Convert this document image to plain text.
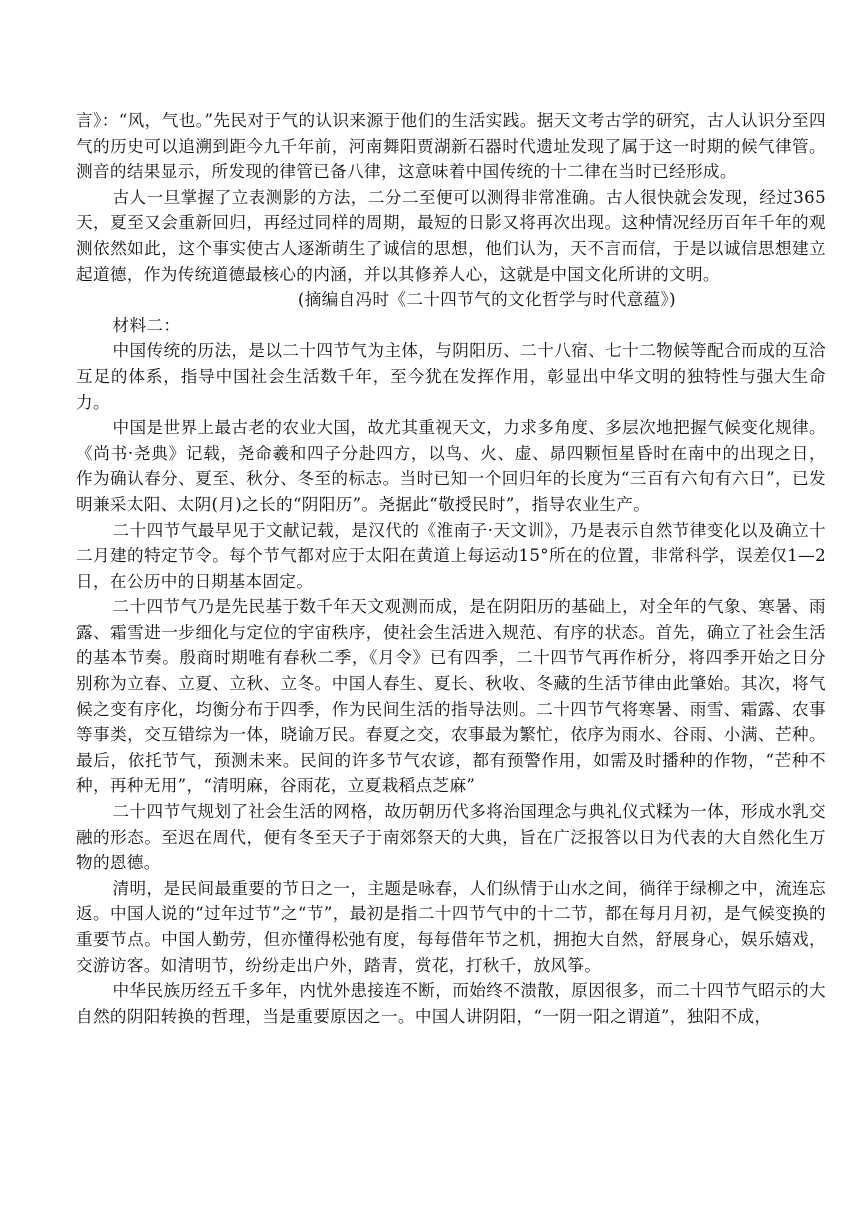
言》：“风，气也。”先民对于气的认识来源于他们的生活实践。据天文考古学的研究，古人认识分至四气的历史可以追溯到距今九千年前，河南舞阳贾湖新石器时代遗址发现了属于这一时期的候气律管。测音的结果显示，所发现的律管已备八律，这意味着中国传统的十二律在当时已经形成。

古人一旦掌握了立表测影的方法，二分二至便可以测得非常准确。古人很快就会发现，经过365天，夏至又会重新回归，再经过同样的周期，最短的日影又将再次出现。这种情况经历百年千年的观测依然如此，这个事实使古人逐渐萌生了诚信的思想，他们认为，天不言而信，于是以诚信思想建立起道德，作为传统道德最核心的内涵，并以其修养人心，这就是中国文化所讲的文明。

(摘编自冯时《二十四节气的文化哲学与时代意蕴》)

材料二：

中国传统的历法，是以二十四节气为主体，与阴阳历、二十八宿、七十二物候等配合而成的互洽互足的体系，指导中国社会生活数千年，至今犹在发挥作用，彰显出中华文明的独特性与强大生命力。

中国是世界上最古老的农业大国，故尤其重视天文，力求多角度、多层次地把握气候变化规律。《尚书·尧典》记载，尧命羲和四子分赴四方，以鸟、火、虚、昴四颗恒星昏时在南中的出现之日，作为确认春分、夏至、秋分、冬至的标志。当时已知一个回归年的长度为“三百有六旬有六日”，已发明兼采太阳、太阴(月)之长的“阴阳历”。尧据此“敬授民时”，指导农业生产。

二十四节气最早见于文献记载，是汉代的《淮南子·天文训》，乃是表示自然节律变化以及确立十二月建的特定节令。每个节气都对应于太阳在黄道上每运动15°所在的位置，非常科学，误差仅1—2日，在公历中的日期基本固定。

二十四节气乃是先民基于数千年天文观测而成，是在阴阳历的基础上，对全年的气象、寒暑、雨露、霜雪进一步细化与定位的宇宙秩序，使社会生活进入规范、有序的状态。首先，确立了社会生活的基本节奏。殷商时期唯有春秋二季，《月令》已有四季，二十四节气再作析分，将四季开始之日分别称为立春、立夏、立秋、立冬。中国人春生、夏长、秋收、冬藏的生活节律由此肇始。其次，将气候之变有序化，均衡分布于四季，作为民间生活的指导法则。二十四节气将寒暑、雨雪、霜露、农事等事类，交互错综为一体，晓谕万民。春夏之交，农事最为繁忙，依序为雨水、谷雨、小满、芒种。最后，依托节气，预测未来。民间的许多节气农谚，都有预警作用，如需及时播种的作物，“芒种不种，再种无用”，“清明麻，谷雨花，立夏栽稻点芝麻”

二十四节气规划了社会生活的网格，故历朝历代多将治国理念与典礼仪式糅为一体，形成水乳交融的形态。至迟在周代，便有冬至天子于南郊祭天的大典，旨在广泛报答以日为代表的大自然化生万物的恩德。

清明，是民间最重要的节日之一，主题是咏春，人们纵情于山水之间，徜徉于绿柳之中，流连忘返。中国人说的“过年过节”之“节”，最初是指二十四节气中的十二节，都在每月月初，是气候变换的重要节点。中国人勤劳，但亦懂得松弛有度，每每借年节之机，拥抱大自然，舒展身心，娱乐嬉戏，交游访客。如清明节，纷纷走出户外，踏青，赏花，打秋千，放风筝。

中华民族历经五千多年，内忧外患接连不断，而始终不溃散，原因很多，而二十四节气昭示的大自然的阴阳转换的哲理，当是重要原因之一。中国人讲阴阳，“一阴一阳之谓道”，独阳不成，
